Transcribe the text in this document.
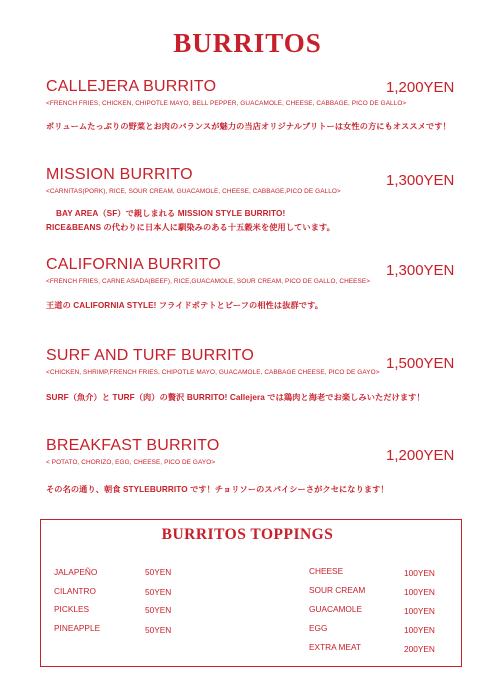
BURRITOS
CALLEJERA BURRITO
<FRENCH FRIES, CHICKEN, CHIPOTLE MAYO, BELL PEPPER, GUACAMOLE, CHEESE, CABBAGE, PICO DE GALLO>
1,200YEN
ボリュームたっぷりの野菜とお肉のバランスが魅力の当店オリジナルブリトーは女性の方にもオススメです！
MISSION BURRITO
<CARNITAS(PORK), RICE, SOUR CREAM, GUACAMOLE, CHEESE, CABBAGE,PICO DE GALLO>
1,300YEN
BAY AREA（SF）で親しまれる MISSION STYLE BURRITO!
RICE&BEANS の代わりに日本人に馴染みのある十五穀米を使用しています。
CALIFORNIA BURRITO
<FRENCH FRIES, CARNE ASADA(BEEF), RICE,GUACAMOLE, SOUR CREAM, PICO DE GALLO, CHEESE>
1,300YEN
王道の CALIFORNIA STYLE! フライドポテトとビーフの相性は抜群です。
SURF AND TURF BURRITO
<CHICKEN, SHRIMP,FRENCH FRIES, CHIPOTLE MAYO, GUACAMOLE, CABBAGE CHEESE, PICO DE GAYO>
1,500YEN
SURF（魚介）と TURF（肉）の贅沢 BURRITO! Callejera では鶏肉と海老でお楽しみいただけます！
BREAKFAST BURRITO
< POTATO, CHORIZO, EGG, CHEESE, PICO DE GAYO>	1,200YEN
その名の通り、朝食 STYLEBURRITO です！チョリソーのスパイシーさがクセになります！
BURRITOS TOPPINGS
JALAPEÑO	50YEN
CILANTRO	50YEN
PICKLES	50YEN
PINEAPPLE	50YEN
CHEESE	100YEN
SOUR CREAM	100YEN
GUACAMOLE	100YEN
EGG	100YEN
EXTRA MEAT	200YEN
